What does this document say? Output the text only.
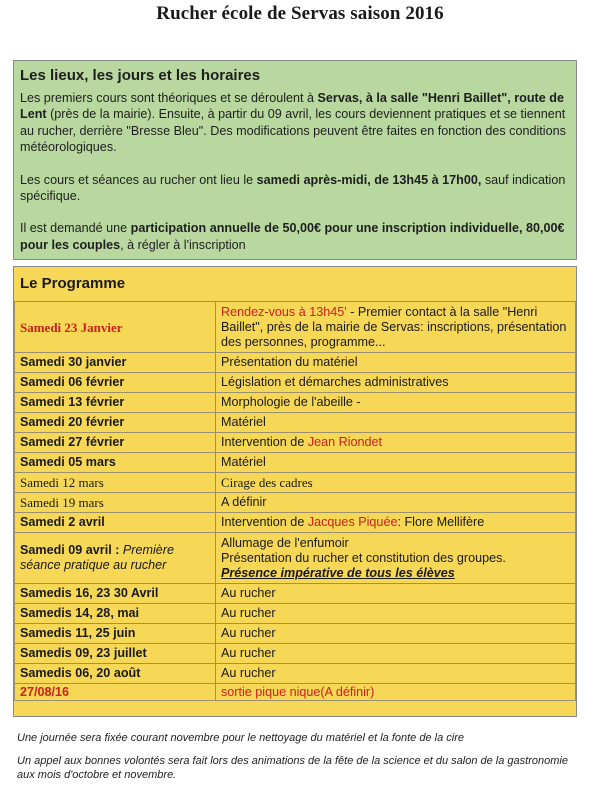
Rucher école de Servas saison 2016
Les lieux, les jours et les horaires

Les premiers cours sont théoriques et se déroulent à Servas, à la salle "Henri Baillet", route de Lent (près de la mairie). Ensuite, à partir du 09 avril, les cours deviennent pratiques et se tiennent au rucher, derrière "Bresse Bleu". Des modifications peuvent être faites en fonction des conditions météorologiques.

Les cours et séances au rucher ont lieu le samedi après-midi, de 13h45 à 17h00, sauf indication spécifique.

Il est demandé une participation annuelle de 50,00€ pour une inscription individuelle, 80,00€ pour les couples, à régler à l'inscription

Le Programme
Samedi 23 Janvier	Rendez-vous à 13h45' - Premier contact à la salle "Henri Baillet", près de la mairie de Servas: inscriptions, présentation des personnes, programme...
Samedi 30 janvier	Présentation du matériel
Samedi 06 février	Législation et démarches administratives
Samedi 13 février	Morphologie de l'abeille -
Samedi 20 février	Matériel
Samedi 27 février	Intervention de Jean Riondet
Samedi 05 mars	Matériel
Samedi 12 mars	Cirage des cadres
Samedi 19 mars	A définir
Samedi 2 avril	Intervention de Jacques Piquée: Flore Mellifère
Samedi 09 avril : Première séance pratique au rucher	Allumage de l'enfumoir
Présentation du rucher et constitution des groupes.
Présence impérative de tous les élèves

Samedis 16, 23 30 Avril	Au rucher
Samedis 14, 28, mai	Au rucher
Samedis 11, 25 juin	Au rucher
Samedis 09, 23 juillet	Au rucher
Samedis 06, 20 août	Au rucher
27/08/16	sortie pique nique(A définir)

Une journée sera fixée courant novembre pour le nettoyage du matériel et la fonte de la cire

Un appel aux bonnes volontés sera fait lors des animations de la fête de la science et du salon de la gastronomie aux mois d'octobre et novembre.
